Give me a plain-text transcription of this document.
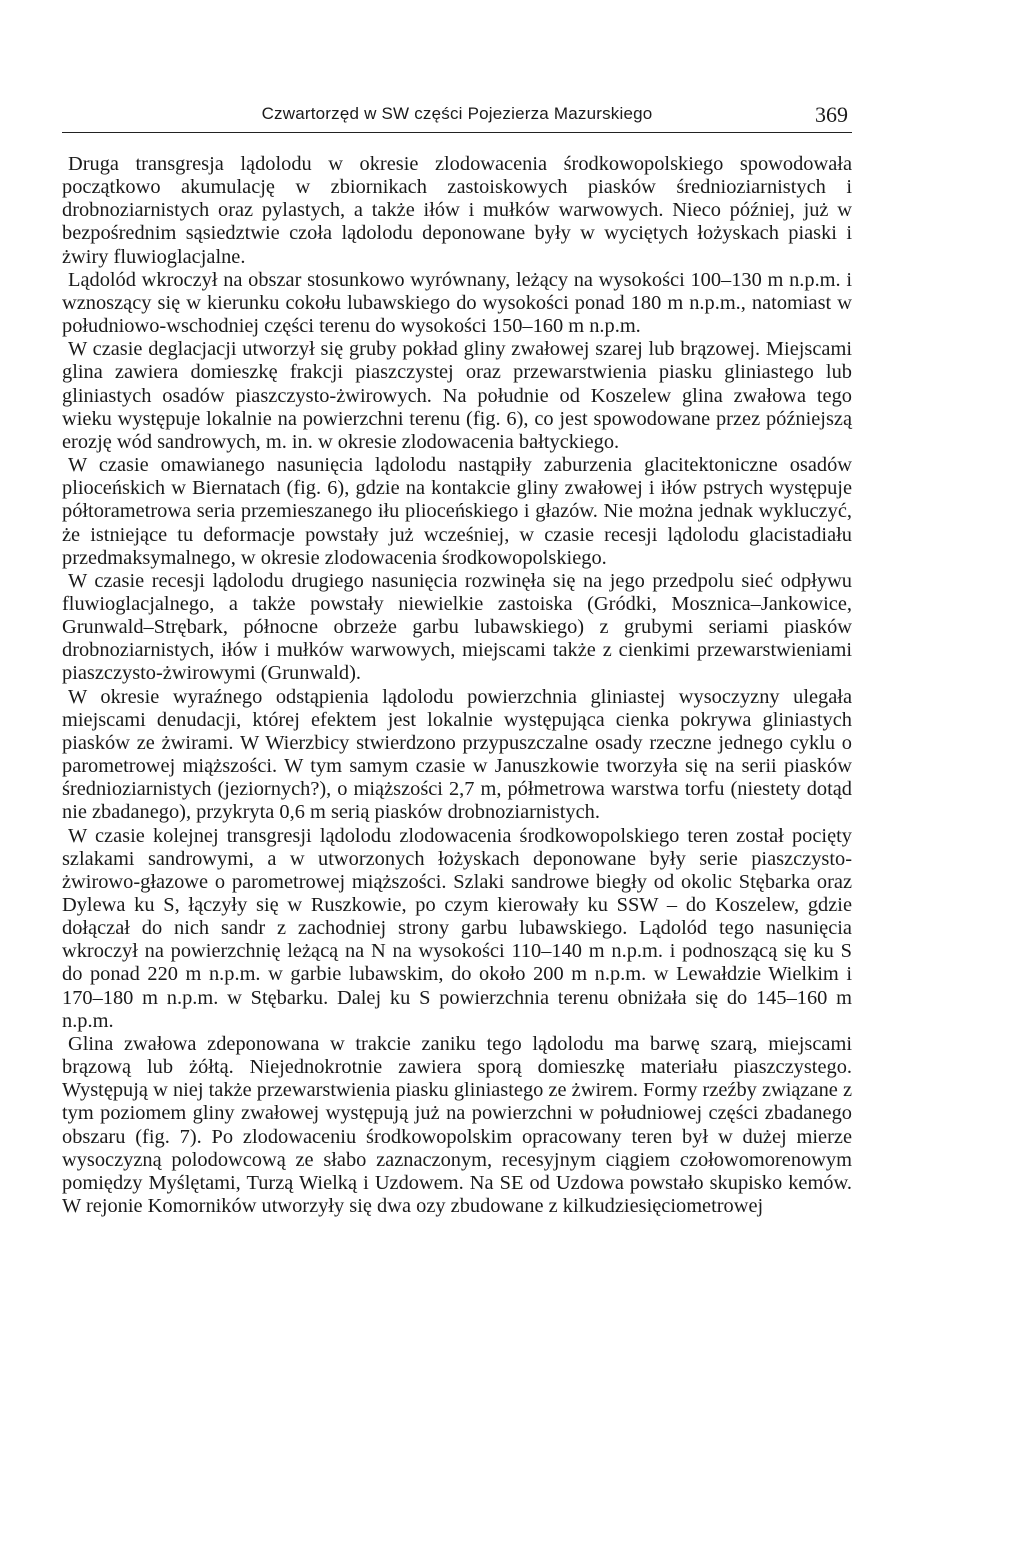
Czwartorzęd w SW części Pojezierza Mazurskiego	369

Druga transgresja lądolodu w okresie zlodowacenia środkowopolskiego spowodowała początkowo akumulację w zbiornikach zastoiskowych piasków średnioziarnistych i drobnoziarnistych oraz pylastych, a także iłów i mułków warwowych. Nieco później, już w bezpośrednim sąsiedztwie czoła lądolodu deponowane były w wyciętych łożyskach piaski i żwiry fluwioglacjalne.

Lądolód wkroczył na obszar stosunkowo wyrównany, leżący na wysokości 100–130 m n.p.m. i wznoszący się w kierunku cokołu lubawskiego do wysokości ponad 180 m n.p.m., natomiast w południowo-wschodniej części terenu do wysokości 150–160 m n.p.m.

W czasie deglacjacji utworzył się gruby pokład gliny zwałowej szarej lub brązowej. Miejscami glina zawiera domieszkę frakcji piaszczystej oraz przewarstwienia piasku gliniastego lub gliniastych osadów piaszczysto-żwirowych. Na południe od Koszelew glina zwałowa tego wieku występuje lokalnie na powierzchni terenu (fig. 6), co jest spowodowane przez późniejszą erozję wód sandrowych, m. in. w okresie zlodowacenia bałtyckiego.

W czasie omawianego nasunięcia lądolodu nastąpiły zaburzenia glacitektoniczne osadów plioceńskich w Biernatach (fig. 6), gdzie na kontakcie gliny zwałowej i iłów pstrych występuje półtorametrowa seria przemieszanego iłu plioceńskiego i głazów. Nie można jednak wykluczyć, że istniejące tu deformacje powstały już wcześniej, w czasie recesji lądolodu glacistadiału przedmaksymalnego, w okresie zlodowacenia środkowopolskiego.

W czasie recesji lądolodu drugiego nasunięcia rozwinęła się na jego przedpolu sieć odpływu fluwioglacjalnego, a także powstały niewielkie zastoiska (Gródki, Mosznica–Jankowice, Grunwald–Strębark, północne obrzeże garbu lubawskiego) z grubymi seriami piasków drobnoziarnistych, iłów i mułków warwowych, miejscami także z cienkimi przewarstwieniami piaszczysto-żwirowymi (Grunwald).

W okresie wyraźnego odstąpienia lądolodu powierzchnia gliniastej wysoczyzny ulegała miejscami denudacji, której efektem jest lokalnie występująca cienka pokrywa gliniastych piasków ze żwirami. W Wierzbicy stwierdzono przypuszczalne osady rzeczne jednego cyklu o parometrowej miąższości. W tym samym czasie w Januszkowie tworzyła się na serii piasków średnioziarnistych (jeziornych?), o miąższości 2,7 m, półmetrowa warstwa torfu (niestety dotąd nie zbadanego), przykryta 0,6 m serią piasków drobnoziarnistych.

W czasie kolejnej transgresji lądolodu zlodowacenia środkowopolskiego teren został pocięty szlakami sandrowymi, a w utworzonych łożyskach deponowane były serie piaszczysto-żwirowo-głazowe o parometrowej miąższości. Szlaki sandrowe biegły od okolic Stębarka oraz Dylewa ku S, łączyły się w Ruszkowie, po czym kierowały ku SSW – do Koszelew, gdzie dołączał do nich sandr z zachodniej strony garbu lubawskiego. Lądolód tego nasunięcia wkroczył na powierzchnię leżącą na N na wysokości 110–140 m n.p.m. i podnoszącą się ku S do ponad 220 m n.p.m. w garbie lubawskim, do około 200 m n.p.m. w Lewałdzie Wielkim i 170–180 m n.p.m. w Stębarku. Dalej ku S powierzchnia terenu obniżała się do 145–160 m n.p.m.

Glina zwałowa zdeponowana w trakcie zaniku tego lądolodu ma barwę szarą, miejscami brązową lub żółtą. Niejednokrotnie zawiera sporą domieszkę materiału piaszczystego. Występują w niej także przewarstwienia piasku gliniastego ze żwirem. Formy rzeźby związane z tym poziomem gliny zwałowej występują już na powierzchni w południowej części zbadanego obszaru (fig. 7). Po zlodowaceniu środkowopolskim opracowany teren był w dużej mierze wysoczyzną polodowcową ze słabo zaznaczonym, recesyjnym ciągiem czołowomorenowym pomiędzy Myślętami, Turzą Wielką i Uzdowem. Na SE od Uzdowa powstało skupisko kemów. W rejonie Komorników utworzyły się dwa ozy zbudowane z kilkudziesięciometrowej
